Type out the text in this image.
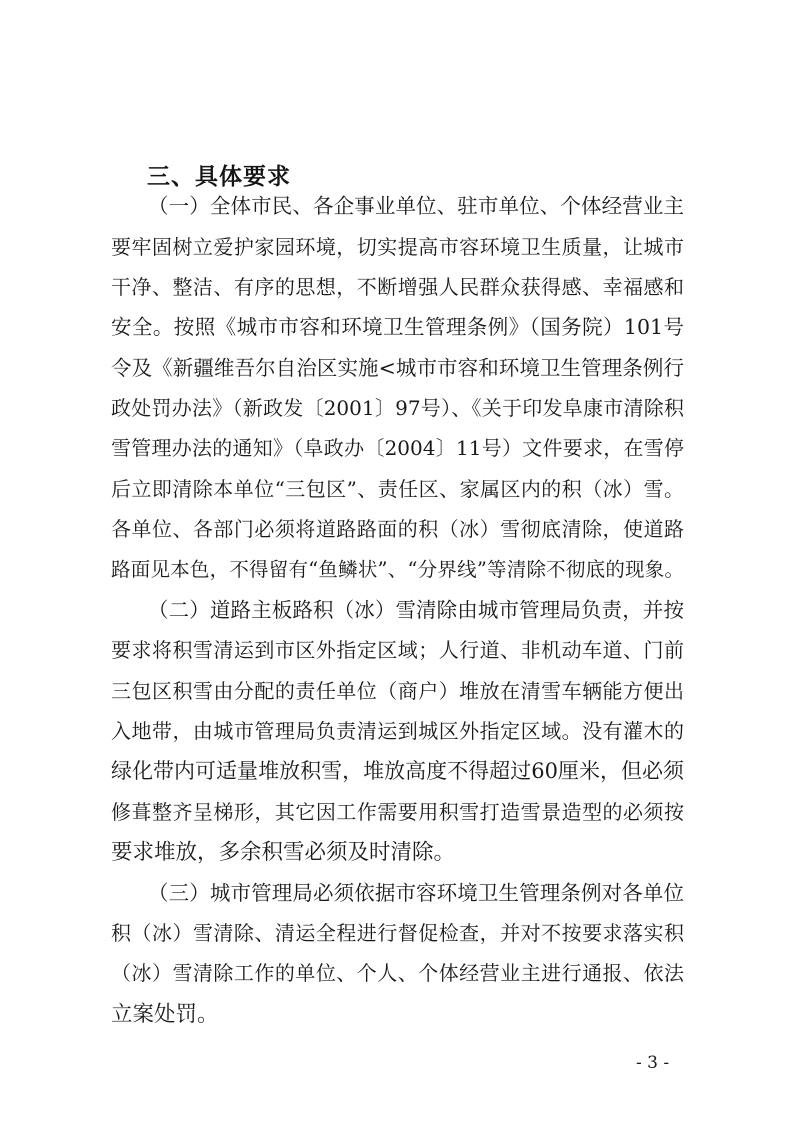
三、具体要求
（一）全体市民、各企事业单位、驻市单位、个体经营业主
要牢固树立爱护家园环境，切实提高市容环境卫生质量，让城市
干净、整洁、有序的思想，不断增强人民群众获得感、幸福感和
安全。按照《城市市容和环境卫生管理条例》（国务院）101号
令及《新疆维吾尔自治区实施<城市市容和环境卫生管理条例行
政处罚办法》（新政发〔2001〕97号）、《关于印发阜康市清除积
雪管理办法的通知》（阜政办〔2004〕11号）文件要求，在雪停
后立即清除本单位“三包区”、责任区、家属区内的积（冰）雪。
各单位、各部门必须将道路路面的积（冰）雪彻底清除，使道路
路面见本色，不得留有“鱼鳞状”、“分界线”等清除不彻底的现象。
（二）道路主板路积（冰）雪清除由城市管理局负责，并按
要求将积雪清运到市区外指定区域；人行道、非机动车道、门前
三包区积雪由分配的责任单位（商户）堆放在清雪车辆能方便出
入地带，由城市管理局负责清运到城区外指定区域。没有灌木的
绿化带内可适量堆放积雪，堆放高度不得超过60厘米，但必须
修葺整齐呈梯形，其它因工作需要用积雪打造雪景造型的必须按
要求堆放，多余积雪必须及时清除。
（三）城市管理局必须依据市容环境卫生管理条例对各单位
积（冰）雪清除、清运全程进行督促检查，并对不按要求落实积
（冰）雪清除工作的单位、个人、个体经营业主进行通报、依法
立案处罚。
- 3 -
